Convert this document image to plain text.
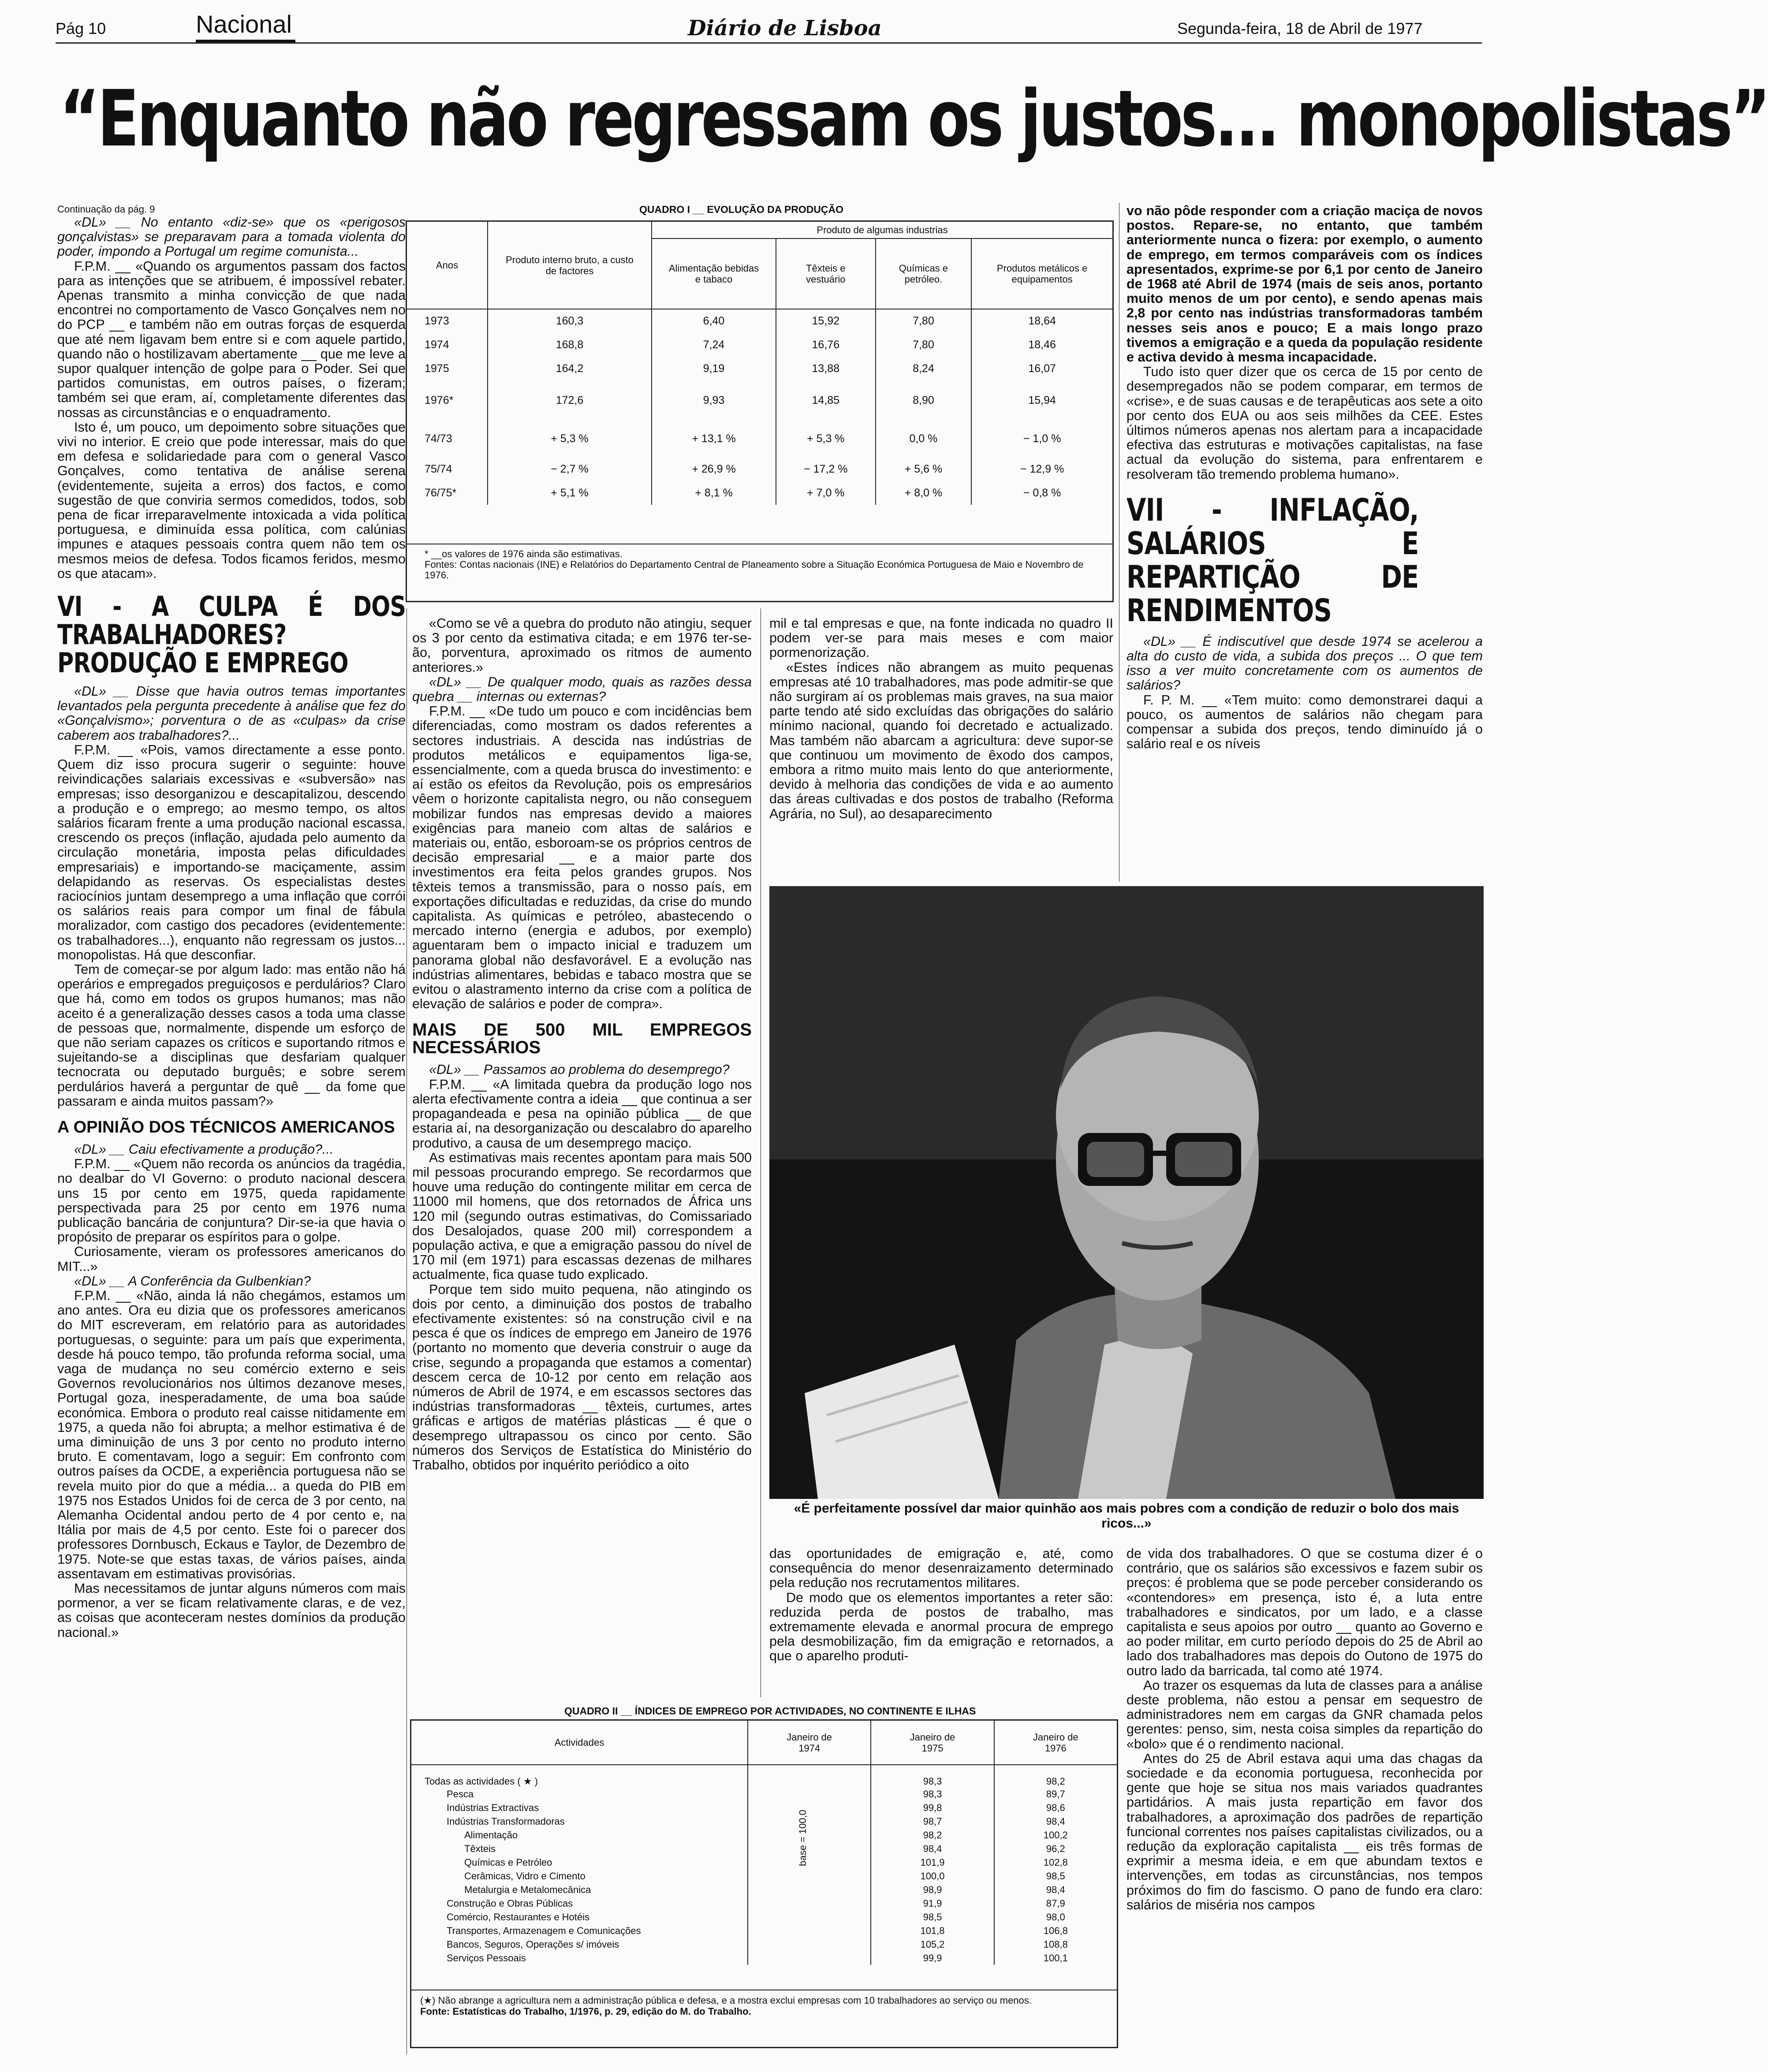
Pág 10	Nacional	Diário de Lisboa	Segunda-feira, 18 de Abril de 1977
“Enquanto não regressam os justos... monopolistas”

Continuação da pág. 9

«DL» __ No entanto «diz-se» que os «perigosos gonçalvistas» se preparavam para a tomada violenta do poder, impondo a Portugal um regime comunista...

F.P.M. __ «Quando os argumentos passam dos factos para as intenções que se atribuem, é impossível rebater. Apenas transmito a minha convicção de que nada encontrei no comportamento de Vasco Gonçalves nem no do PCP __ e também não em outras forças de esquerda que até nem ligavam bem entre si e com aquele partido, quando não o hostilizavam abertamente __ que me leve a supor qualquer intenção de golpe para o Poder. Sei que partidos comunistas, em outros países, o fizeram; também sei que eram, aí, completamente diferentes das nossas as circunstâncias e o enquadramento.

Isto é, um pouco, um depoimento sobre situações que vivi no interior. E creio que pode interessar, mais do que em defesa e solidariedade para com o general Vasco Gonçalves, como tentativa de análise serena (evidentemente, sujeita a erros) dos factos, e como sugestão de que conviria sermos comedidos, todos, sob pena de ficar irreparavelmente intoxicada a vida política portuguesa, e diminuída essa política, com calúnias impunes e ataques pessoais contra quem não tem os mesmos meios de defesa. Todos ficamos feridos, mesmo os que atacam».

VI - A CULPA É DOS TRABALHADORES? PRODUÇÃO E EMPREGO

«DL» __ Disse que havia outros temas importantes levantados pela pergunta precedente à análise que fez do «Gonçalvismo»; porventura o de as «culpas» da crise caberem aos trabalhadores?...

F.P.M. __ «Pois, vamos directamente a esse ponto. Quem diz isso procura sugerir o seguinte: houve reivindicações salariais excessivas e «subversão» nas empresas; isso desorganizou e descapitalizou, descendo a produção e o emprego; ao mesmo tempo, os altos salários ficaram frente a uma produção nacional escassa, crescendo os preços (inflação, ajudada pelo aumento da circulação monetária, imposta pelas dificuldades empresariais) e importando-se maciçamente, assim delapidando as reservas. Os especialistas destes raciocínios juntam desemprego a uma inflação que corrói os salários reais para compor um final de fábula moralizador, com castigo dos pecadores (evidentemente: os trabalhadores...), enquanto não regressam os justos... monopolistas. Há que desconfiar.

Tem de começar-se por algum lado: mas então não há operários e empregados preguiçosos e perdulários? Claro que há, como em todos os grupos humanos; mas não aceito é a generalização desses casos a toda uma classe de pessoas que, normalmente, dispende um esforço de que não seriam capazes os críticos e suportando ritmos e sujeitando-se a disciplinas que desfariam qualquer tecnocrata ou deputado burguês; e sobre serem perdulários haverá a perguntar de quê __ da fome que passaram e ainda muitos passam?»

A OPINIÃO DOS TÉCNICOS AMERICANOS

«DL» __ Caiu efectivamente a produção?...

F.P.M. __ «Quem não recorda os anúncios da tragédia, no dealbar do VI Governo: o produto nacional descera uns 15 por cento em 1975, queda rapidamente perspectivada para 25 por cento em 1976 numa publicação bancária de conjuntura? Dir-se-ia que havia o propósito de preparar os espíritos para o golpe.

Curiosamente, vieram os professores americanos do MIT...»

«DL» __ A Conferência da Gulbenkian?

F.P.M. __ «Não, ainda lá não chegámos, estamos um ano antes. Ora eu dizia que os professores americanos do MIT escreveram, em relatório para as autoridades portuguesas, o seguinte: para um país que experimenta, desde há pouco tempo, tão profunda reforma social, uma vaga de mudança no seu comércio externo e seis Governos revolucionários nos últimos dezanove meses, Portugal goza, inesperadamente, de uma boa saúde económica. Embora o produto real caisse nitidamente em 1975, a queda não foi abrupta; a melhor estimativa é de uma diminuição de uns 3 por cento no produto interno bruto. E comentavam, logo a seguir: Em confronto com outros países da OCDE, a experiência portuguesa não se revela muito pior do que a média... a queda do PIB em 1975 nos Estados Unidos foi de cerca de 3 por cento, na Alemanha Ocidental andou perto de 4 por cento e, na Itália por mais de 4,5 por cento. Este foi o parecer dos professores Dornbusch, Eckaus e Taylor, de Dezembro de 1975. Note-se que estas taxas, de vários países, ainda assentavam em estimativas provisórias.

Mas necessitamos de juntar alguns números com mais pormenor, a ver se ficam relativamente claras, e de vez, as coisas que aconteceram nestes domínios da produção nacional.»

QUADRO I __ EVOLUÇÃO DA PRODUÇÃO
Anos	Produto interno bruto, a custo de factores	Produto de algumas industrias			
		Alimentação bebidas e tabaco	Têxteis e vestuário	Químicas e petróleo.	Produtos metálicos e equipamentos
1973	160,3	6,40	15,92	7,80	18,64
1974	168,8	7,24	16,76	7,80	18,46
1975	164,2	9,19	13,88	8,24	16,07
1976*	172,6	9,93	14,85	8,90	15,94
74/73	+ 5,3 %	+ 13,1 %	+ 5,3 %	0,0 %	− 1,0 %
75/74	− 2,7 %	+ 26,9 %	− 17,2 %	+ 5,6 %	− 12,9 %
76/75*	+ 5,1 %	+ 8,1 %	+ 7,0 %	+ 8,0 %	− 0,8 %
* __os valores de 1976 ainda são estimativas.
Fontes: Contas nacionais (INE) e Relatórios do Departamento Central de Planeamento sobre a Situação Económica Portuguesa de Maio e Novembro de 1976.

«Como se vê a quebra do produto não atingiu, sequer os 3 por cento da estimativa citada; e em 1976 ter-se-ão, porventura, aproximado os ritmos de aumento anteriores.»

«DL» __ De qualquer modo, quais as razões dessa quebra __ internas ou externas?

F.P.M. __ «De tudo um pouco e com incidências bem diferenciadas, como mostram os dados referentes a sectores industriais. A descida nas indústrias de produtos metálicos e equipamentos liga-se, essencialmente, com a queda brusca do investimento: e aí estão os efeitos da Revolução, pois os empresários vêem o horizonte capitalista negro, ou não conseguem mobilizar fundos nas empresas devido a maiores exigências para maneio com altas de salários e materiais ou, então, esboroam-se os próprios centros de decisão empresarial __ e a maior parte dos investimentos era feita pelos grandes grupos. Nos têxteis temos a transmissão, para o nosso país, em exportações dificultadas e reduzidas, da crise do mundo capitalista. As químicas e petróleo, abastecendo o mercado interno (energia e adubos, por exemplo) aguentaram bem o impacto inicial e traduzem um panorama global não desfavorável. E a evolução nas indústrias alimentares, bebidas e tabaco mostra que se evitou o alastramento interno da crise com a política de elevação de salários e poder de compra».

MAIS DE 500 MIL EMPREGOS NECESSÁRIOS

«DL» __ Passamos ao problema do desemprego?

F.P.M. __ «A limitada quebra da produção logo nos alerta efectivamente contra a ideia __ que continua a ser propagandeada e pesa na opinião pública __ de que estaria aí, na desorganização ou descalabro do aparelho produtivo, a causa de um desemprego maciço.

As estimativas mais recentes apontam para mais 500 mil pessoas procurando emprego. Se recordarmos que houve uma redução do contingente militar em cerca de 11000 mil homens, que dos retornados de África uns 120 mil (segundo outras estimativas, do Comissariado dos Desalojados, quase 200 mil) correspondem a população activa, e que a emigração passou do nível de 170 mil (em 1971) para escassas dezenas de milhares actualmente, fica quase tudo explicado.

Porque tem sido muito pequena, não atingindo os dois por cento, a diminuição dos postos de trabalho efectivamente existentes: só na construção civil e na pesca é que os índices de emprego em Janeiro de 1976 (portanto no momento que deveria construir o auge da crise, segundo a propaganda que estamos a comentar) descem cerca de 10-12 por cento em relação aos números de Abril de 1974, e em escassos sectores das indústrias transformadoras __ têxteis, curtumes, artes gráficas e artigos de matérias plásticas __ é que o desemprego ultrapassou os cinco por cento. São números dos Serviços de Estatística do Ministério do Trabalho, obtidos por inquérito periódico a oito

mil e tal empresas e que, na fonte indicada no quadro II podem ver-se para mais meses e com maior pormenorização.

«Estes índices não abrangem as muito pequenas empresas até 10 trabalhadores, mas pode admitir-se que não surgiram aí os problemas mais graves, na sua maior parte tendo até sido excluídas das obrigações do salário mínimo nacional, quando foi decretado e actualizado. Mas também não abarcam a agricultura: deve supor-se que continuou um movimento de êxodo dos campos, embora a ritmo muito mais lento do que anteriormente, devido à melhoria das condições de vida e ao aumento das áreas cultivadas e dos postos de trabalho (Reforma Agrária, no Sul), ao desaparecimento

vo não pôde responder com a criação maciça de novos postos. Repare-se, no entanto, que também anteriormente nunca o fizera: por exemplo, o aumento de emprego, em termos comparáveis com os índices apresentados, exprime-se por 6,1 por cento de Janeiro de 1968 até Abril de 1974 (mais de seis anos, portanto muito menos de um por cento), e sendo apenas mais 2,8 por cento nas indústrias transformadoras também nesses seis anos e pouco; E a mais longo prazo tivemos a emigração e a queda da população residente e activa devido à mesma incapacidade.

Tudo isto quer dizer que os cerca de 15 por cento de desempregados não se podem comparar, em termos de «crise», e de suas causas e de terapêuticas aos sete a oito por cento dos EUA ou aos seis milhões da CEE. Estes últimos números apenas nos alertam para a incapacidade efectiva das estruturas e motivações capitalistas, na fase actual da evolução do sistema, para enfrentarem e resolveram tão tremendo problema humano».

VII - INFLAÇÃO, SALÁRIOS E REPARTIÇÃO DE RENDIMENTOS

«DL» __ É indiscutível que desde 1974 se acelerou a alta do custo de vida, a subida dos preços ... O que tem isso a ver muito concretamente com os aumentos de salários?

F. P. M. __ «Tem muito: como demonstrarei daqui a pouco, os aumentos de salários não chegam para compensar a subida dos preços, tendo diminuído já o salário real e os níveis

«É perfeitamente possível dar maior quinhão aos mais pobres com a condição de reduzir o bolo dos mais ricos...»

das oportunidades de emigração e, até, como consequência do menor desenraizamento determinado pela redução nos recrutamentos militares.

De modo que os elementos importantes a reter são: reduzida perda de postos de trabalho, mas extremamente elevada e anormal procura de emprego pela desmobilização, fim da emigração e retornados, a que o aparelho produti-

de vida dos trabalhadores. O que se costuma dizer é o contrário, que os salários são excessivos e fazem subir os preços: é problema que se pode perceber considerando os «contendores» em presença, isto é, a luta entre trabalhadores e sindicatos, por um lado, e a classe capitalista e seus apoios por outro __ quanto ao Governo e ao poder militar, em curto período depois do 25 de Abril ao lado dos trabalhadores mas depois do Outono de 1975 do outro lado da barricada, tal como até 1974.

Ao trazer os esquemas da luta de classes para a análise deste problema, não estou a pensar em sequestro de administradores nem em cargas da GNR chamada pelos gerentes: penso, sim, nesta coisa simples da repartição do «bolo» que é o rendimento nacional.

Antes do 25 de Abril estava aqui uma das chagas da sociedade e da economia portuguesa, reconhecida por gente que hoje se situa nos mais variados quadrantes partidários. A mais justa repartição em favor dos trabalhadores, a aproximação dos padrões de repartição funcional correntes nos países capitalistas civilizados, ou a redução da exploração capitalista __ eis três formas de exprimir a mesma ideia, e em que abundam textos e intervenções, em todas as circunstâncias, nos tempos próximos do fim do fascismo. O pano de fundo era claro: salários de miséria nos campos

QUADRO II __ ÍNDICES DE EMPREGO POR ACTIVIDADES, NO CONTINENTE E ILHAS
Actividades	Janeiro de 1974	Janeiro de 1975	Janeiro de 1976
Todas as actividades ( ★ )		98,3	98,2
Pesca		98,3	89,7
Indústrias Extractivas		99,8	98,6
Indústrias Transformadoras		98,7	98,4
Alimentação		98,2	100,2
Têxteis		98,4	96,2
Químicas e Petróleo		101,9	102,8
Cerâmicas, Vidro e Cimento		100,0	98,5
Metalurgia e Metalomecânica		98,9	98,4
Construção e Obras Públicas		91,9	87,9
Comércio, Restaurantes e Hotéis		98,5	98,0
Transportes, Armazenagem e Comunicações		101,8	106,8
Bancos, Seguros, Operações s/ imóveis		105,2	108,8
Serviços Pessoais		99,9	100,1
base = 100,0
(★) Não abrange a agricultura nem a administração pública e defesa, e a mostra exclui empresas com 10 trabalhadores ao serviço ou menos.
Fonte: Estatísticas do Trabalho, 1/1976, p. 29, edição do M. do Trabalho.
